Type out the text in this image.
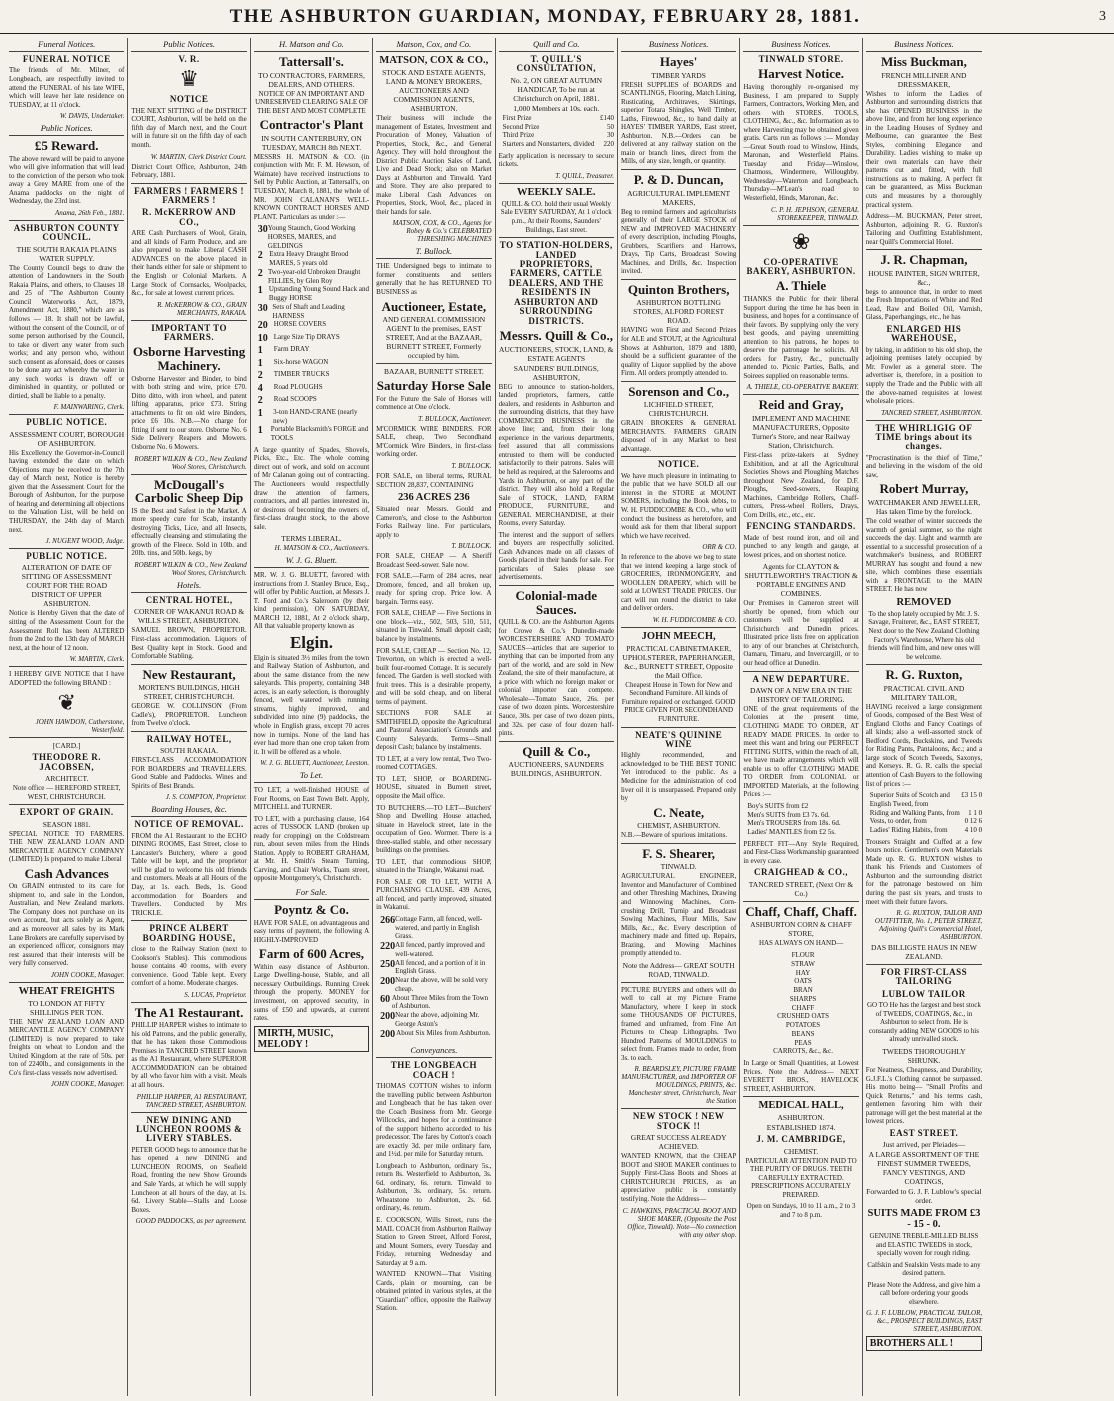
THE ASHBURTON GUARDIAN, MONDAY, FEBRUARY 28, 1881.	3
Funeral Notices.
FUNERAL NOTICE
The friends of Mr. Milner, of Longbeach, are respectfully invited to attend the FUNERAL of his late WIFE, which will leave her late residence on TUESDAY, at 11 o'clock.
W. DAVIS, Undertaker.
Public Notices.
£5 Reward.
The above reward will be paid to anyone who will give information that will lead to the conviction of the person who took away a Grey MARE from one of the Anama paddocks on the night of Wednesday, the 23rd inst.
Anama, 26th Feb., 1881.
ASHBURTON COUNTY COUNCIL.
THE SOUTH RAKAIA PLAINS WATER SUPPLY.
The County Council begs to draw the attention of Landowners in the South Rakaia Plains, and others, to Clauses 18 and 25 of "The Ashburton County Council Waterworks Act, 1879, Amendment Act, 1880," which are as follows — 18. It shall not be lawful, without the consent of the Council, or of some person authorised by the Council, to take or divert any water from such works; and any person who, without such consent as aforesaid, does or causes to be done any act whereby the water in any such works is drawn off or diminished in quantity, or polluted or dirtied, shall be liable to a penalty.
F. MAINWARING, Clerk.
PUBLIC NOTICE.
ASSESSMENT COURT, BOROUGH OF ASHBURTON.
His Excellency the Governor-in-Council having extended the date on which Objections may be received to the 7th day of March next, Notice is hereby given that the Assessment Court for the Borough of Ashburton, for the purpose of hearing and determining all objections to the Valuation List, will be held on THURSDAY, the 24th day of March next.
J. NUGENT WOOD, Judge.
PUBLIC NOTICE.
ALTERATION OF DATE OF SITTING OF ASSESSMENT COURT FOR THE ROAD DISTRICT OF UPPER ASHBURTON.
Notice is Hereby Given that the date of sitting of the Assessment Court for the Assessment Roll has been ALTERED from the 2nd to the 13th day of MARCH next, at the hour of 12 noon.
W. MARTIN, Clerk.
I HEREBY GIVE NOTICE that I have ADOPTED the following BRAND :
❦
JOHN HAWDON, Cutherstone, Westerfield.
[CARD.]
THEODORE R. JACOBSEN,
ARCHITECT.
Note office — HEREFORD STREET, WEST, CHRISTCHURCH.
EXPORT OF GRAIN.
SEASON 1881.
SPECIAL NOTICE TO FARMERS. THE NEW ZEALAND LOAN AND MERCANTILE AGENCY COMPANY (LIMITED) Is prepared to make Liberal
Cash Advances
On GRAIN entrusted to its care for shipment to, and sale in the London, Australian, and New Zealand markets. The Company does not purchase on its own account, but acts solely as Agent, and as moreover all sales by its Mark Lane Brokers are carefully supervised by an experienced officer, consignors may rest assured that their interests will be very fully conserved.
JOHN COOKE, Manager.
WHEAT FREIGHTS
TO LONDON AT FIFTY SHILLINGS PER TON.
THE NEW ZEALAND LOAN AND MERCANTILE AGENCY COMPANY (LIMITED) is now prepared to take freights on wheat to London and the United Kingdom at the rate of 50s. per ton of 2240lb., and consignments in the Co's first-class vessels now advertised.
JOHN COOKE, Manager.
Public Notices.
V. R.
♛
NOTICE
THE NEXT SITTING of the DISTRICT COURT, Ashburton, will be held on the fifth day of March next, and the Court will in future sit on the fifth day of each month.
W. MARTIN, Clerk District Court.
District Court Office, Ashburton, 24th February, 1881.
FARMERS ! FARMERS ! FARMERS !
R. McKERROW AND CO.,
ARE Cash Purchasers of Wool, Grain, and all kinds of Farm Produce, and are also prepared to make Liberal CASH ADVANCES on the above placed in their hands either for sale or shipment to the English or Colonial Markets. A Large Stock of Cornsacks, Woolpacks, &c., for sale at lowest current prices.
R. McKERROW & CO., GRAIN MERCHANTS, RAKAIA.
IMPORTANT TO FARMERS.
Osborne Harvesting Machinery.
Osborne Harvester and Binder, to bind with both string and wire, price £70. Ditto ditto, with iron wheel, and patent lifting apparatus, price £73. String attachments to fit on old wire Binders, price £6 10s. N.B.—No charge for fitting if sent to our store. Osborne No. 6 Side Delivery Reapers and Mowers. Osborne No. 6 Mowers.
ROBERT WILKIN & CO., New Zealand Wool Stores, Christchurch.
McDougall's Carbolic Sheep Dip
IS the Best and Safest in the Market. A more speedy cure for Scab, instantly destroying Ticks, Lice, and all Insects, effectually cleansing and stimulating the growth of the Fleece. Sold in 10lb. and 20lb. tins, and 50lb. kegs, by
ROBERT WILKIN & CO., New Zealand Wool Stores, Christchurch.
Hotels.
CENTRAL HOTEL,
CORNER OF WAKANUI ROAD & WILLS STREET, ASHBURTON.
SAMUEL BROWN, PROPRIETOR. First-class accommodation. Liquors of Best Quality kept in Stock. Good and Comfortable Stabling.
New Restaurant,
MORTEN'S BUILDINGS, HIGH STREET, CHRISTCHURCH.
GEORGE W. COLLINSON (From Cadle's), PROPRIETOR. Luncheon from Twelve o'clock.
RAILWAY HOTEL,
SOUTH RAKAIA.
FIRST-CLASS ACCOMMODATION FOR BOARDERS and TRAVELLERS. Good Stable and Paddocks. Wines and Spirits of Best Brands.
J. S. COMPTON, Proprietor.
Boarding Houses, &c.
NOTICE OF REMOVAL.
FROM the A1 Restaurant to the ECHO DINING ROOMS, East Street, close to Lancaster's Butchery, where a good Table will be kept, and the proprietor will be glad to welcome his old friends and customers. Meals at all Hours of the Day, at 1s. each. Beds, 1s. Good accommodation for Boarders and Travellers. Conducted by Mrs TRICKLE.
PRINCE ALBERT BOARDING HOUSE,
close to the Railway Station (next to Cookson's Stables). This commodious house contains 40 rooms, with every convenience. Good Table kept. Every comfort of a home. Moderate charges.
S. LUCAS, Proprietor.
The A1 Restaurant.
PHILLIP HARPER wishes to intimate to his old Patrons, and the public generally, that he has taken those Commodious Premises in TANCRED STREET known as the A1 Restaurant, where SUPERIOR ACCOMMODATION can be obtained by all who favor him with a visit. Meals at all hours.
PHILLIP HARPER, A1 RESTAURANT, TANCRED STREET, ASHBURTON.
NEW DINING AND LUNCHEON ROOMS & LIVERY STABLES.
PETER GOOD begs to announce that he has opened a new DINING and LUNCHEON ROOMS, on Seafield Road, fronting the new Show Grounds and Sale Yards, at which he will supply Luncheon at all hours of the day, at 1s. 6d. Livery Stable—Stalls and Loose Boxes.
GOOD PADDOCKS, as per agreement.
H. Matson and Co.
Tattersall's.
TO CONTRACTORS, FARMERS, DEALERS, AND OTHERS.
NOTICE OF AN IMPORTANT AND UNRESERVED CLEARING SALE OF THE BEST AND MOST COMPLETE
Contractor's Plant
IN SOUTH CANTERBURY, ON TUESDAY, MARCH 8th NEXT.
MESSRS H. MATSON & CO. (in conjunction with Mr. F. M. Hewson, of Waimate) have received instructions to Sell by Public Auction, at Tattersall's, on TUESDAY, March 8, 1881, the whole of MR. JOHN CALANAN'S WELL-KNOWN CONTRACT HORSES AND PLANT. Particulars as under :—
30 Young Staunch, Good Working HORSES, MARES, and GELDINGS
2 Extra Heavy Draught Brood MARES, 5 years old
2 Two-year-old Unbroken Draught FILLIES, by Glen Roy
1 Upstanding Young Sound Hack and Buggy HORSE
30 Sets of Shaft and Leading HARNESS
20 HORSE COVERS
10 Large Size Tip DRAYS
1	Farm DRAY
1	Six-horse WAGON
2	TIMBER TRUCKS
4	Road PLOUGHS
2	Road SCOOPS
1	3-ton HAND-CRANE (nearly new)
1	Portable Blacksmith's FORGE and TOOLS
A large quantity of Spades, Shovels, Picks, Etc., Etc. The whole coming direct out of work, and sold on account of Mr Calanan going out of contracting. The Auctioneers would respectfully draw the attention of farmers, contractors, and all parties interested in, or desirous of becoming the owners of, first-class draught stock, to the above sale.
TERMS LIBERAL.
H. MATSON & CO., Auctioneers.
W. J. G. Bluett.
MR. W. J. G. BLUETT, favored with instructions from J. Stanley Bruce, Esq., will offer by Public Auction, at Messrs J. T. Ford and Co.'s Saleroom (by their kind permission), ON SATURDAY, MARCH 12, 1881, At 2 o'clock sharp, All that valuable property known as
Elgin.
Elgin is situated 3½ miles from the town and Railway Station of Ashburton, and about the same distance from the new saleyards. This property, containing 348 acres, is an early selection, is thoroughly fenced, well watered with running streams, highly improved, and subdivided into nine (9) paddocks, the whole in English grass, except 70 acres now in turnips. None of the land has ever had more than one crop taken from it. It will be offered as a whole.
W. J. G. BLUETT, Auctioneer, Leeston.
To Let.
TO LET, a well-finished HOUSE of Four Rooms, on East Town Belt. Apply, MITCHELL and TURNER.
TO LET, with a purchasing clause, 164 acres of TUSSOCK LAND (broken up ready for cropping) on the Coldstream run, about seven miles from the Hinds Station. Apply to ROBERT GRAHAM, at Mr. H. Smith's Steam Turning, Carving, and Chair Works, Tuam street, opposite Montgomery's, Christchurch.
For Sale.
Poyntz & Co.
HAVE FOR SALE, on advantageous and easy terms of payment, the following A HIGHLY-IMPROVED
Farm of 600 Acres,
Within easy distance of Ashburton. Large Dwelling-house, Stable, and all necessary Outbuildings. Running Creek through the property. MONEY for investment, on approved security, in sums of £50 and upwards, at current rates.
MIRTH, MUSIC, MELODY !
Matson, Cox, and Co.
MATSON, COX & CO.,
STOCK AND ESTATE AGENTS, LAND & MONEY BROKERS, AUCTIONEERS AND COMMISSION AGENTS, ASHBURTON.
Their business will include the management of Estates, Investment and Procuration of Money, Valuation of Properties, Stock, &c., and General Agency. They will hold throughout the District Public Auction Sales of Land, Live and Dead Stock; also on Market Days at Ashburton and Tinwald. Yard and Store. They are also prepared to make Liberal Cash Advances on Properties, Stock, Wool, &c., placed in their hands for sale.
MATSON, COX, & CO., Agents for Robey & Co.'s CELEBRATED THRESHING MACHINES
T. Bullock.
THE Undersigned begs to intimate to former constituents and settlers generally that he has RETURNED TO BUSINESS as
Auctioneer, Estate,
AND GENERAL COMMISSION AGENT In the premises, EAST STREET, And at the BAZAAR, BURNETT STREET, Formerly occupied by him.
BAZAAR, BURNETT STREET.
Saturday Horse Sale
For the Future the Sale of Horses will commence at One o'clock.
T. BULLOCK, Auctioneer.
M'CORMICK WIRE BINDERS. FOR SALE, cheap, Two Secondhand M'Cormick Wire Binders, in first-class working order.
T. BULLOCK.
FOR SALE, on liberal terms, RURAL SECTION 28,837, CONTAINING
236 ACRES 236
Situated near Messrs. Gould and Cameron's, and close to the Ashburton Forks Railway line. For particulars, apply to
T. BULLOCK.
FOR SALE, CHEAP — A Sheriff Broadcast Seed-sower. Sale now.
FOR SALE.—Farm of 284 acres, near Dromore, fenced, and all broken up, ready for spring crop. Price low. A bargain. Terms easy.
FOR SALE, CHEAP — Five Sections in one block—viz., 502, 503, 510, 511, situated in Tinwald. Small deposit cash; balance by instalments.
FOR SALE, CHEAP — Section No. 12, Trevorton, on which is erected a well-built four-roomed Cottage. It is securely fenced. The Garden is well stocked with fruit trees. This is a desirable property, and will be sold cheap, and on liberal terms of payment.
SECTIONS FOR SALE at SMITHFIELD, opposite the Agricultural and Pastoral Association's Grounds and County Saleyards. Terms—Small deposit Cash; balance by instalments.
TO LET, at a very low rental, Two Two-roomed COTTAGES.
TO LET, SHOP, or BOARDING-HOUSE, situated in Burnett street, opposite the Mail office.
TO BUTCHERS.—TO LET—Butchers' Shop and Dwelling House attached, situate in Havelock street, late in the occupation of Geo. Wormer. There is a three-stalled stable, and other necessary buildings on the premises.
TO LET, that commodious SHOP, situated in the Triangle, Wakanui road.
FOR SALE OR TO LET, WITH A PURCHASING CLAUSE. 439 Acres, all fenced, and partly improved, situated in Wakanui.
266 Cottage Farm, all fenced, well-watered, and partly in English Grass.
220 All fenced, partly improved and well-watered.
250 All fenced, and a portion of it in English Grass.
200 Near the above, will be sold very cheap.
60 About Three Miles from the Town of Ashburton.
200 Near the above, adjoining Mr. George Aston's
200 About Six Miles from Ashburton.
Conveyances.
THE LONGBEACH COACH !
THOMAS COTTON wishes to inform the travelling public between Ashburton and Longbeach that he has taken over the Coach Business from Mr. George Willcocks, and hopes for a continuance of the support hitherto accorded to his predecessor. The fares by Cotton's coach are exactly 3d. per mile ordinary fare, and 1½d. per mile for Saturday return.
Longbeach to Ashburton, ordinary 5s., return 8s. Westerfield to Ashburton, 3s. 6d. ordinary, 6s. return. Tinwald to Ashburton, 3s. ordinary, 5s. return. Wheatstone to Ashburton, 2s. 6d. ordinary, 4s. return.
E. COOKSON, Wills Street, runs the MAIL COACH from Ashburton Railway Station to Green Street, Alford Forest, and Mount Somers, every Tuesday and Friday, returning Wednesday and Saturday at 9 a.m.
WANTED KNOWN—That Visiting Cards, plain or mourning, can be obtained printed in various styles, at the "Guardian" office, opposite the Railway Station.
Quill and Co.
T. QUILL'S CONSULTATION,
No. 2, ON GREAT AUTUMN HANDICAP, To be run at Christchurch on April, 1881.
1,000 Members at 10s. each.
First Prize	£140
Second Prize	50
Third Prize	30
Starters and Nonstarters, divided	220
Early application is necessary to secure tickets.
T. QUILL, Treasurer.
WEEKLY SALE.
QUILL & CO. hold their usual Weekly Sale EVERY SATURDAY, At 1 o'clock p.m., At their Rooms, Saunders' Buildings, East street.
TO STATION-HOLDERS, LANDED PROPRIETORS, FARMERS, CATTLE DEALERS, AND THE RESIDENTS IN ASHBURTON AND SURROUNDING DISTRICTS.
Messrs. Quill & Co.,
AUCTIONEERS, STOCK, LAND, & ESTATE AGENTS
SAUNDERS' BUILDINGS, ASHBURTON,
BEG to announce to station-holders, landed proprietors, farmers, cattle dealers, and residents in Ashburton and the surrounding districts, that they have COMMENCED BUSINESS in the above line; and, from their long experience in the various departments, feel assured that all commissions entrusted to them will be conducted satisfactorily to their patrons. Sales will be held as required, at the Salerooms and Yards in Ashburton, or any part of the district. They will also hold a Regular Sale of STOCK, LAND, FARM PRODUCE, FURNITURE, and GENERAL MERCHANDISE, at their Rooms, every Saturday.
The interest and the support of sellers and buyers are respectfully solicited. Cash Advances made on all classes of Goods placed in their hands for sale. For particulars of Sales please see advertisements.
Colonial-made Sauces.
QUILL & CO. are the Ashburton Agents for Crowe & Co.'s Dunedin-made WORCESTERSHIRE AND TOMATO SAUCES—articles that are superior to anything that can be imported from any part of the world, and are sold in New Zealand, the site of their manufacture, at a price with which no foreign maker or colonial importer can compete. Wholesale—Tomato Sauce, 26s. per case of two dozen pints. Worcestershire Sauce, 30s. per case of two dozen pints, and 32s. per case of four dozen half-pints.
Quill & Co.,
AUCTIONEERS, SAUNDERS BUILDINGS, ASHBURTON.
Business Notices.
Hayes'
TIMBER YARDS
FRESH SUPPLIES of BOARDS and SCANTLINGS, Flooring, Match Lining, Rusticating, Architraves, Skirtings, superior Totara Shingles, Well Timber, Laths, Firewood, &c., to hand daily at HAYES' TIMBER YARDS, East street, Ashburton. N.B.—Orders can be delivered at any railway station on the main or branch lines, direct from the Mills, of any size, length, or quantity.
P. & D. Duncan,
AGRICULTURAL IMPLEMENT MAKERS,
Beg to remind farmers and agriculturists generally of their LARGE STOCK of NEW and IMPROVED MACHINERY of every description, including Ploughs, Grubbers, Scarifiers and Harrows, Drays, Tip Carts, Broadcast Sowing Machines, and Drills, &c. Inspection invited.
Quinton Brothers,
ASHBURTON BOTTLING STORES, ALFORD FOREST ROAD.
HAVING won First and Second Prizes for ALE and STOUT, at the Agricultural Shows at Ashburton, 1879 and 1880, should be a sufficient guarantee of the quality of Liquor supplied by the above Firm. All orders promptly attended to.
Sorenson and Co.,
LICHFIELD STREET, CHRISTCHURCH.
GRAIN BROKERS & GENERAL MERCHANTS. FARMERS GRAIN disposed of in any Market to best advantage.
NOTICE.
We have much pleasure in intimating to the public that we have SOLD all our interest in the STORE at MOUNT SOMERS, including the Book debts, to W. H. FUDDICOMBE & CO., who will conduct the business as heretofore, and would ask for them that liberal support which we have received.
ORR & CO.
In reference to the above we beg to state that we intend keeping a large stock of GROCERIES, IRONMONGERY, and WOOLLEN DRAPERY, which will be sold at LOWEST TRADE PRICES. Our cart will run round the district to take and deliver orders.
W. H. FUDDICOMBE & CO.
JOHN MEECH,
PRACTICAL CABINETMAKER, UPHOLSTERER, PAPERHANGER, &c., BURNETT STREET, Opposite the Mail Office.
Cheapest House in Town for New and Secondhand Furniture. All kinds of Furniture repaired or exchanged. GOOD PRICE GIVEN FOR SECONDHAND FURNITURE.
NEATE'S QUININE WINE
Highly recommended, and acknowledged to be THE BEST TONIC Yet introduced to the public. As a Medicine for the administration of cod liver oil it is unsurpassed. Prepared only by
C. Neate,
CHEMIST, ASHBURTON.
N.B.—Beware of spurious imitations.
F. S. Shearer,
TINWALD.
AGRICULTURAL ENGINEER, Inventor and Manufacturer of Combined and other Threshing Machines, Drawing and Winnowing Machines, Corn-crushing Drill, Turnip and Broadcast Sowing Machines, Flour Mills, Saw Mills, &c., &c. Every description of machinery made and fitted up. Repairs, Brazing, and Mowing Machines promptly attended to.
Note the Address— GREAT SOUTH ROAD, TINWALD.
PICTURE BUYERS and others will do well to call at my Picture Frame Manufactory, where I keep in stock some THOUSANDS OF PICTURES, framed and unframed, from Fine Art Pictures to Cheap Lithographs. Two Hundred Patterns of MOULDINGS to select from. Frames made to order, from 3s. to each.
R. BEARDSLEY, PICTURE FRAME MANUFACTURER, and IMPORTER OF MOULDINGS, PRINTS, &c. Manchester street, Christchurch, Near the Station
NEW STOCK ! NEW STOCK !!
GREAT SUCCESS ALREADY ACHIEVED.
WANTED KNOWN, that the CHEAP BOOT and SHOE MAKER continues to Supply First-Class Boots and Shoes at CHRISTCHURCH PRICES, as an appreciative public is constantly testifying. Note the Address—
C. HAWKINS, PRACTICAL BOOT AND SHOE MAKER, (Opposite the Post Office, Tinwald). Note—No connection with any other shop.
Business Notices.
TINWALD STORE.
Harvest Notice.
Having thoroughly re-organised my Business, I am prepared to Supply Farmers, Contractors, Working Men, and others with STORES. TOOLS, CLOTHING, &c., &c. Information as to where Harvesting may be obtained given gratis. Carts run as follows :— Monday—Great South road to Winslow, Hinds, Maronan, and Westerfield Plains. Tuesday and Friday—Winslow, Chatmoss, Windermere, Willoughby. Wednesday—Waterton and Longbeach. Thursday—M'Lean's road to Westerfield, Hinds, Maronan, &c.
C. P. H. JEPHSON, GENERAL STOREKEEPER, TINWALD.
❀
CO-OPERATIVE BAKERY, ASHBURTON.
A. Thiele
THANKS the Public for their liberal Support during the time he has been in business, and hopes for a continuance of their favors. By supplying only the very best goods, and paying unremitting attention to his patrons, he hopes to deserve the patronage he solicits. All orders for Pastry, &c., punctually attended to. Picnic Parties, Balls, and Soirees supplied on reasonable terms.
A. THIELE, CO-OPERATIVE BAKERY.
Reid and Gray,
IMPLEMENT AND MACHINE MANUFACTURERS, Opposite Turner's Store, and near Railway Station, Christchurch.
First-class prize-takers at Sydney Exhibition, and at all the Agricultural Societies Shows and Ploughing Matches throughout New Zealand, for D.F. Ploughs, Seed-sowers, Reaping Machines, Cambridge Rollers, Chaff-cutters, Press-wheel Rollers, Drays, Corn Drills, etc., etc., etc.
FENCING STANDARDS.
Made of best round iron, and oil and punched to any length and gauge, at lowest prices, and on shortest notice.
Agents for CLAYTON & SHUTTLEWORTH'S TRACTION & PORTABLE ENGINES AND COMBINES.
Our Premises in Cameron street will shortly be opened, from which our customers will be supplied at Christchurch and Dunedin prices. Illustrated price lists free on application to any of our branches at Christchurch, Oamaru, Timaru, and Invercargill, or to our head office at Dunedin.
A NEW DEPARTURE.
DAWN OF A NEW ERA IN THE HISTORY OF TAILORING.
ONE of the great requirements of the Colonies at the present time, CLOTHING MADE TO ORDER, AT READY MADE PRICES. In order to meet this want and bring our PERFECT FITTING SUITS, within the reach of all, we have made arrangements which will enable us to offer CLOTHING MADE TO ORDER from COLONIAL or IMPORTED Materials, at the following Prices :—
Boy's SUITS from £2
Men's SUITS from £3 7s. 6d.
Men's TROUSERS from 18s. 6d.
Ladies' MANTLES from £2 5s.
PERFECT FIT—Any Style Required, and First-Class Workmanship guaranteed in every case.
CRAIGHEAD & CO.,
TANCRED STREET, (Next Orr & Co.)
Chaff, Chaff, Chaff.
ASHBURTON CORN & CHAFF STORE,
HAS ALWAYS ON HAND—
FLOUR
STRAW
HAY
OATS
BRAN
SHARPS
CHAFF
CRUSHED OATS
POTATOES
BEANS
PEAS
CARROTS, &c., &c.
In Large or Small Quantities, at Lowest Prices. Note the Address— NEXT EVERETT BROS., HAVELOCK STREET, ASHBURTON.
MEDICAL HALL,
ASHBURTON.
ESTABLISHED 1874.
J. M. CAMBRIDGE,
CHEMIST.
PARTICULAR ATTENTION PAID TO THE PURITY OF DRUGS. TEETH CAREFULLY EXTRACTED. PRESCRIPTIONS ACCURATELY PREPARED.
Open on Sundays, 10 to 11 a.m., 2 to 3 and 7 to 8 p.m.
Business Notices.
Miss Buckman,
FRENCH MILLINER AND DRESSMAKER,
Wishes to inform the Ladies of Ashburton and surrounding districts that she has OPENED BUSINESS in the above line, and from her long experience in the Leading Houses of Sydney and Melbourne, can guarantee the Best Styles, combining Elegance and Durability. Ladies wishing to make up their own materials can have their patterns cut and fitted, with full instructions as to making. A perfect fit can be guaranteed, as Miss Buckman cuts and measures by a thoroughly practical system.
Address—M. BUCKMAN, Peter street, Ashburton, adjoining R. G. Ruxton's Tailoring and Outfitting Establishment, near Quill's Commercial Hotel.
J. R. Chapman,
HOUSE PAINTER, SIGN WRITER, &c.,
begs to announce that, in order to meet the Fresh Importations of White and Red Lead, Raw and Boiled Oil, Varnish, Glass, Paperhangings, etc., he has
ENLARGED HIS WAREHOUSE,
by taking, in addition to his old shop, the adjoining premises lately occupied by Mr. Fowler as a general store. The advertiser is, therefore, in a position to supply the Trade and the Public with all the above-named requisites at lowest wholesale prices.
TANCRED STREET, ASHBURTON.
THE WHIRLIGIG OF TIME brings about its changes.
"Procrastination is the thief of Time," and believing in the wisdom of the old saw,
Robert Murray,
WATCHMAKER AND JEWELLER, Has taken Time by the forelock.
The cold weather of winter succeeds the warmth of genial summer, so the night succeeds the day. Light and warmth are essential to a successful prosecution of a watchmaker's business, and ROBERT MURRAY has sought and found a new site, which combines these essentials with a FRONTAGE to the MAIN STREET. He has now
REMOVED
To the shop lately occupied by Mr. J. S. Savage, Fruiterer, &c., EAST STREET, Next door to the New Zealand Clothing Factory's Warehouse, Where his old friends will find him, and new ones will be welcome.
R. G. Ruxton,
PRACTICAL CIVIL AND MILITARY TAILOR,
HAVING received a large consignment of Goods, composed of the Best West of England Cloths and Fancy Coatings of all kinds; also a well-assorted stock of Bedford Cords, Buckskins, and Tweeds for Riding Pants, Pantaloons, &c.; and a large stock of Scotch Tweeds, Saxonys, and Kerseys. R. G. R. calls the special attention of Cash Buyers to the following list of prices :—
Superior Suits of Scotch and English Tweed, from
£3 15 0
Riding and Walking Pants, from	1 1 0
Vests, to order, from	0 12 6
Ladies' Riding Habits, from	4 10 0
Trousers Straight and Cuffed at a few hours notice. Gentlemen's own Materials Made up. R. G. RUXTON wishes to thank his Friends and Customers of Ashburton and the surrounding district for the patronage bestowed on him during the past six years, and trusts to meet with their future favors.
R. G. RUXTON, TAILOR AND OUTFITTER, No. 1, PETER STREET, Adjoining Quill's Commercial Hotel, ASHBURTON.
DAS BILLIGSTE HAUS IN NEW ZEALAND.
FOR FIRST-CLASS TAILORING
LUBLOW TAILOR
GO TO He has the largest and best stock of TWEEDS, COATINGS, &c., in Ashburton to select from. He is constantly adding NEW GOODS to his already unrivalled stock.
TWEEDS THOROUGHLY SHRUNK.
For Neatness, Cheapness, and Durability, G.J.F.L.'s Clothing cannot be surpassed. His motto being— "Small Profits and Quick Returns," and his terms cash, gentlemen favoring him with their patronage will get the best material at the lowest prices.
EAST STREET.
Just arrived, per Pleiades—
A LARGE ASSORTMENT OF THE FINEST SUMMER TWEEDS, FANCY VESTINGS, AND COATINGS,
Forwarded to G. J. F. Lublow's special order.
SUITS MADE FROM £3 - 15 - 0.
GENUINE TREBLE-MILLED BLISS and ELASTIC TWEEDS in stock, specially woven for rough riding.
Calfskin and Sealskin Vests made to any desired pattern.
Please Note the Address, and give him a call before ordering your goods elsewhere.
G. J. F. LUBLOW, PRACTICAL TAILOR, &c., PROSPECT BUILDINGS, EAST STREET, ASHBURTON.
BROTHERS ALL !
